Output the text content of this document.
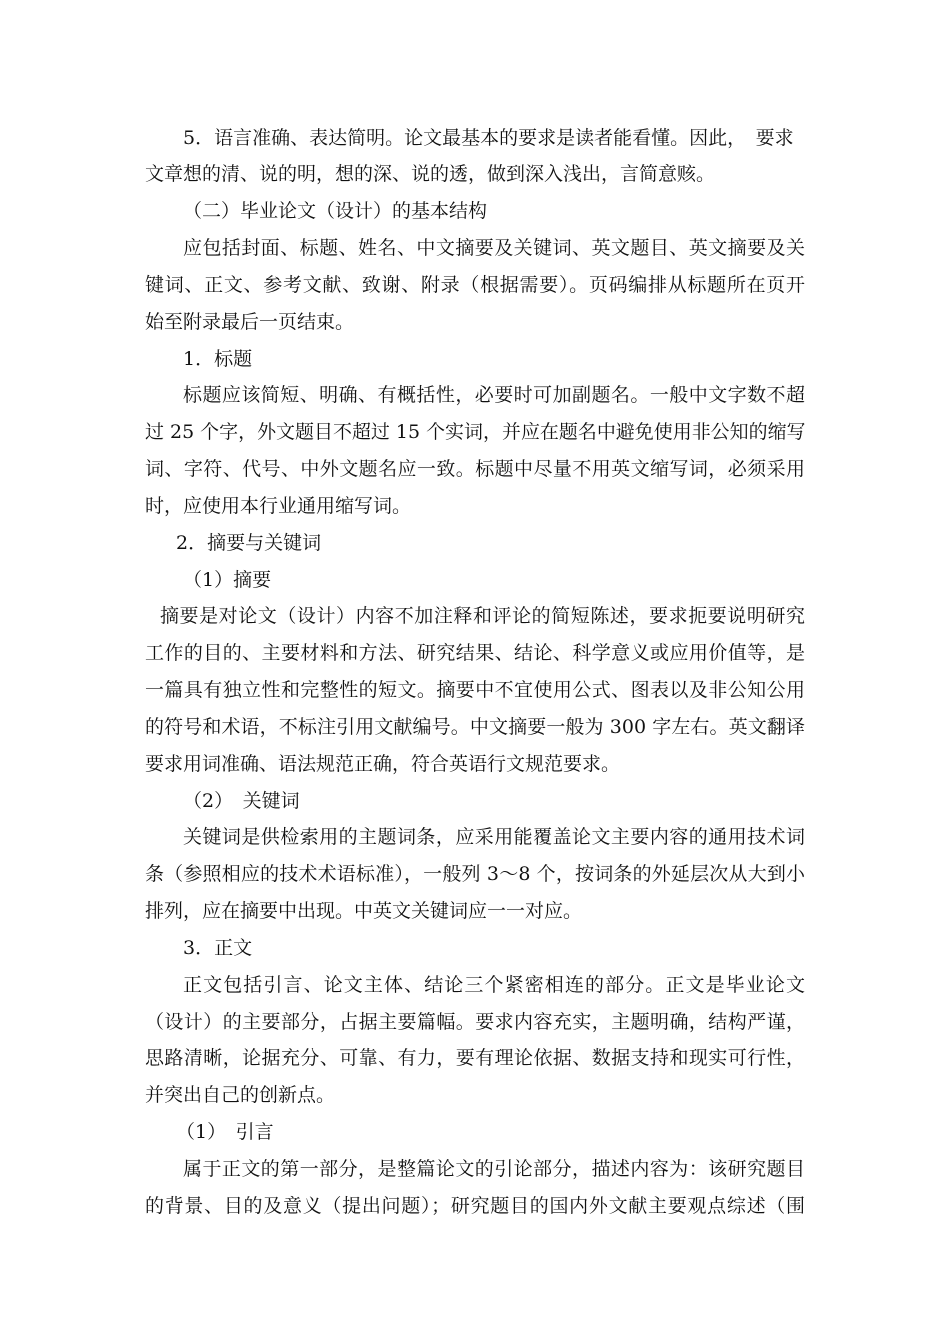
5．语言准确、表达简明。论文最基本的要求是读者能看懂。因此，　要求
文章想的清、说的明，想的深、说的透，做到深入浅出，言简意赅。
（二）毕业论文（设计）的基本结构
应包括封面、标题、姓名、中文摘要及关键词、英文题目、英文摘要及关
键词、正文、参考文献、致谢、附录（根据需要）。页码编排从标题所在页开
始至附录最后一页结束。
1．标题
标题应该简短、明确、有概括性，必要时可加副题名。一般中文字数不超
过 25 个字，外文题目不超过 15 个实词，并应在题名中避免使用非公知的缩写
词、字符、代号、中外文题名应一致。标题中尽量不用英文缩写词，必须采用
时，应使用本行业通用缩写词。
2．摘要与关键词
（1）摘要
摘要是对论文（设计）内容不加注释和评论的简短陈述，要求扼要说明研究
工作的目的、主要材料和方法、研究结果、结论、科学意义或应用价值等，是
一篇具有独立性和完整性的短文。摘要中不宜使用公式、图表以及非公知公用
的符号和术语，不标注引用文献编号。中文摘要一般为 300 字左右。英文翻译
要求用词准确、语法规范正确，符合英语行文规范要求。
（2）　关键词
关键词是供检索用的主题词条，应采用能覆盖论文主要内容的通用技术词
条（参照相应的技术术语标准），一般列 3～8 个，按词条的外延层次从大到小
排列，应在摘要中出现。中英文关键词应一一对应。
3．正文
正文包括引言、论文主体、结论三个紧密相连的部分。正文是毕业论文
（设计）的主要部分，占据主要篇幅。要求内容充实，主题明确，结构严谨，
思路清晰，论据充分、可靠、有力，要有理论依据、数据支持和现实可行性，
并突出自己的创新点。
（1）　引言
属于正文的第一部分，是整篇论文的引论部分，描述内容为：该研究题目
的背景、目的及意义（提出问题）；研究题目的国内外文献主要观点综述（围
